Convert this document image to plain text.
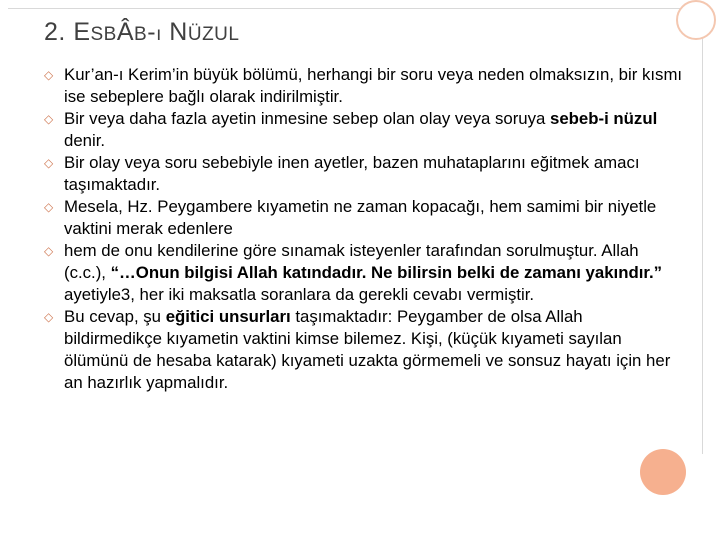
2. ESBÂB-ı NÜZUL
◇ Kur’an-ı Kerim’in büyük bölümü, herhangi bir soru veya neden olmaksızın, bir kısmı ise sebeplere bağlı olarak indirilmiştir.
◇ Bir veya daha fazla ayetin inmesine sebep olan olay veya soruya sebeb-i nüzul denir.
◇ Bir olay veya soru sebebiyle inen ayetler, bazen muhataplarını eğitmek amacı taşımaktadır.
◇ Mesela, Hz. Peygambere kıyametin ne zaman kopacağı, hem samimi bir niyetle vaktini merak edenlere
◇ hem de onu kendilerine göre sınamak isteyenler tarafından sorulmuştur. Allah (c.c.), “…Onun bilgisi Allah katındadır. Ne bilirsin belki de zamanı yakındır.” ayetiyle3, her iki maksatla soranlara da gerekli cevabı vermiştir.
◇ Bu cevap, şu eğitici unsurları taşımaktadır: Peygamber de olsa Allah bildirmedikçe kıyametin vaktini kimse bilemez. Kişi, (küçük kıyameti sayılan ölümünü de hesaba katarak) kıyameti uzakta görmemeli ve sonsuz hayatı için her an hazırlık yapmalıdır.
